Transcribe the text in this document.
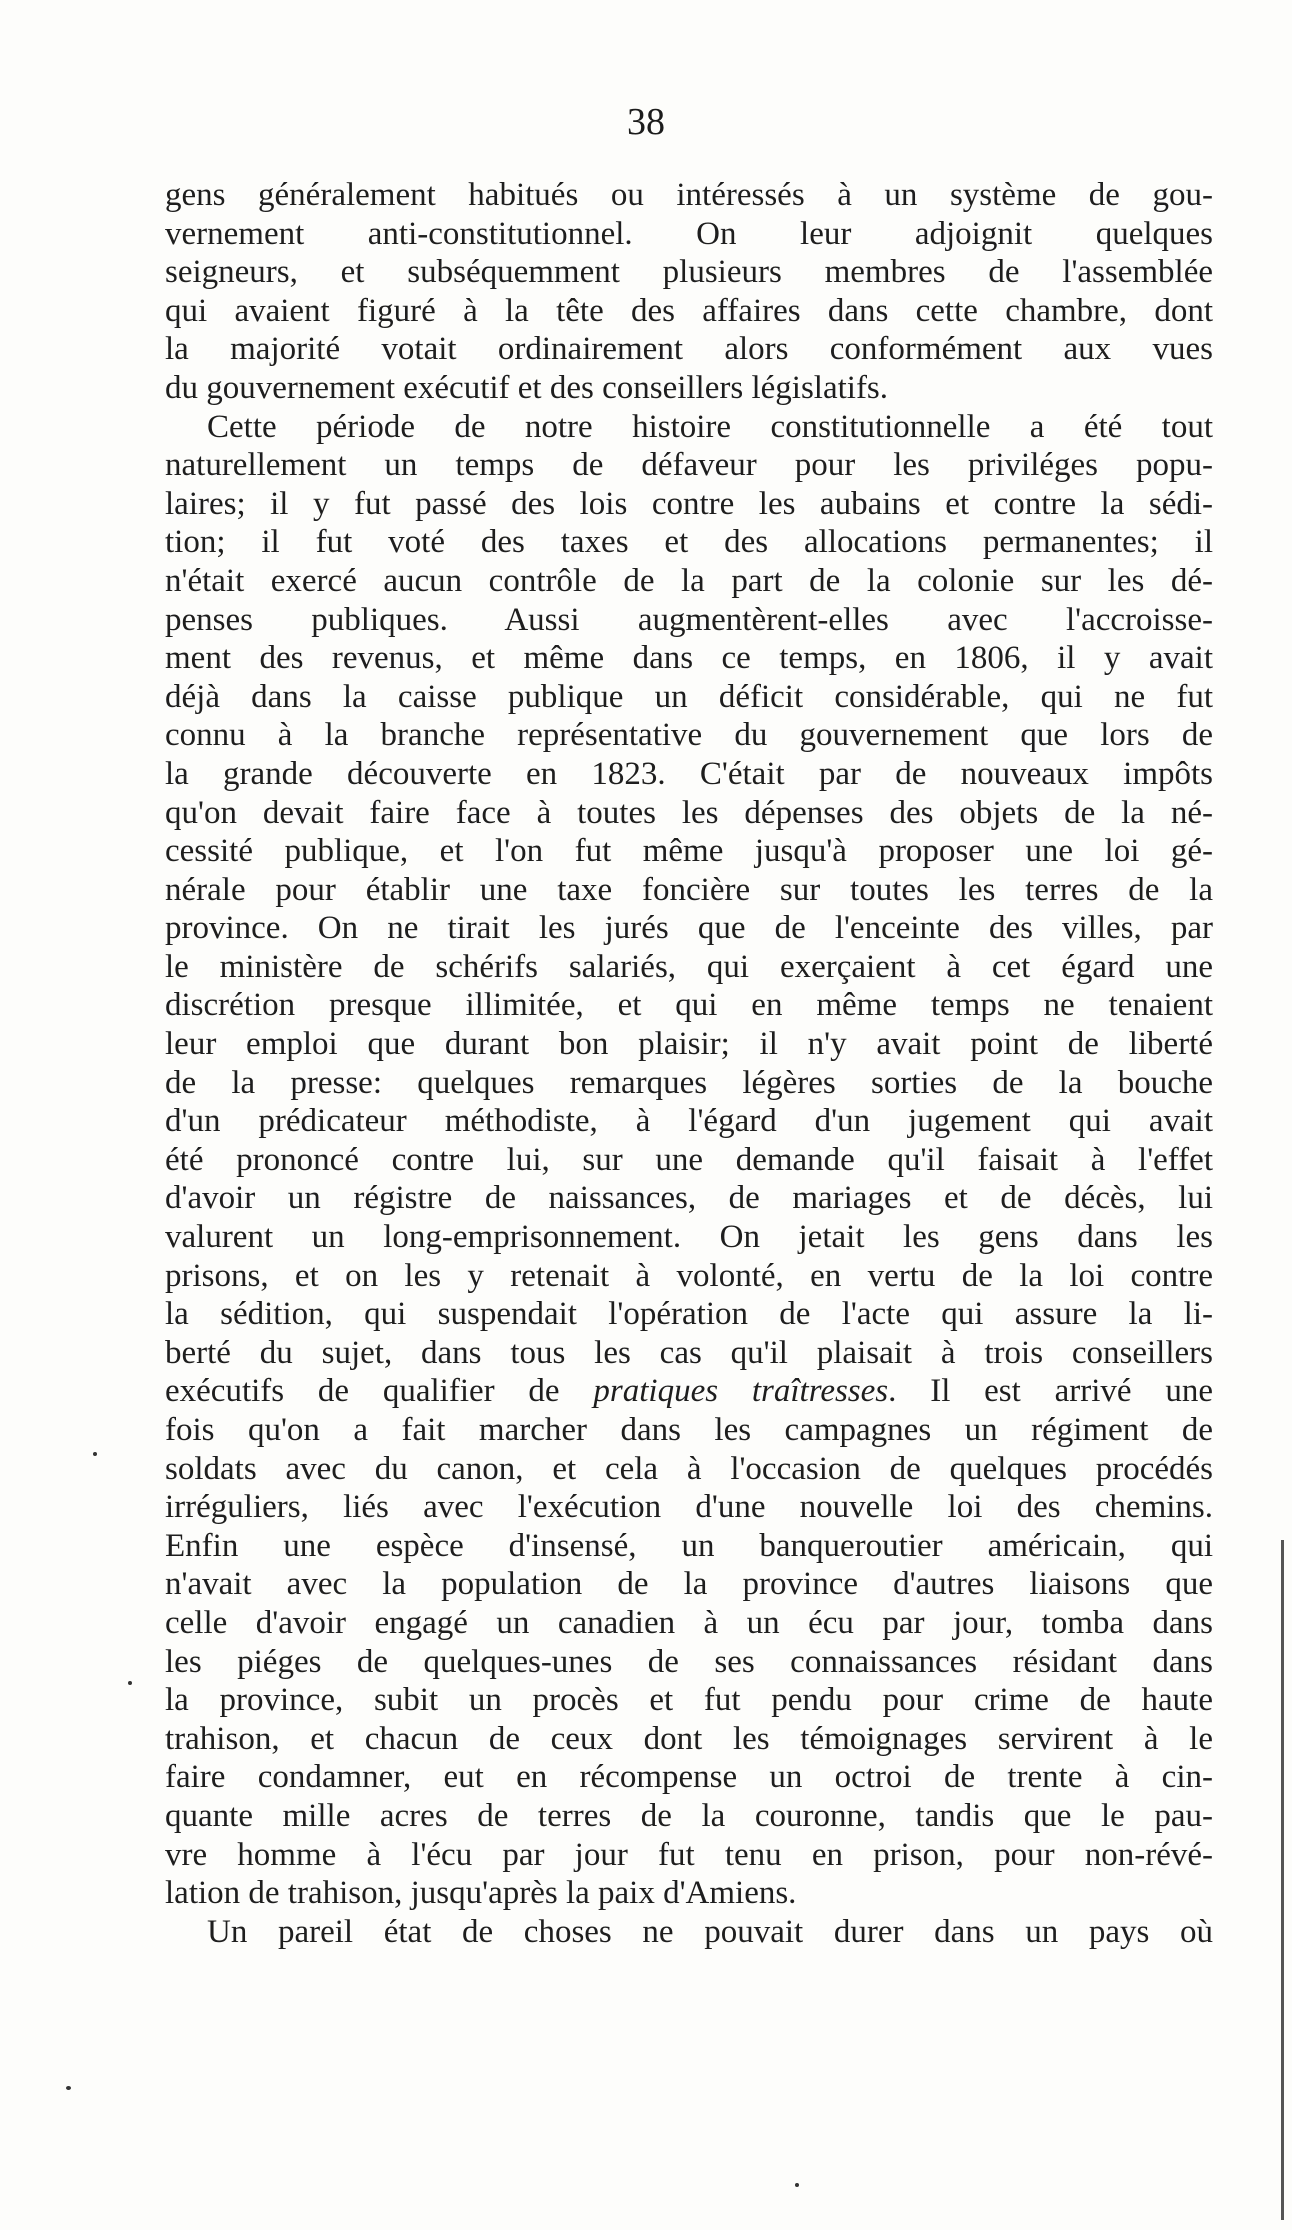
38
gens généralement habitués ou intéressés à un système de gou-
vernement anti-constitutionnel. On leur adjoignit quelques
seigneurs, et subséquemment plusieurs membres de l'assemblée
qui avaient figuré à la tête des affaires dans cette chambre, dont
la majorité votait ordinairement alors conformément aux vues
du gouvernement exécutif et des conseillers législatifs.
Cette période de notre histoire constitutionnelle a été tout
naturellement un temps de défaveur pour les priviléges popu-
laires; il y fut passé des lois contre les aubains et contre la sédi-
tion; il fut voté des taxes et des allocations permanentes; il
n'était exercé aucun contrôle de la part de la colonie sur les dé-
penses publiques. Aussi augmentèrent-elles avec l'accroisse-
ment des revenus, et même dans ce temps, en 1806, il y avait
déjà dans la caisse publique un déficit considérable, qui ne fut
connu à la branche représentative du gouvernement que lors de
la grande découverte en 1823. C'était par de nouveaux impôts
qu'on devait faire face à toutes les dépenses des objets de la né-
cessité publique, et l'on fut même jusqu'à proposer une loi gé-
nérale pour établir une taxe foncière sur toutes les terres de la
province. On ne tirait les jurés que de l'enceinte des villes, par
le ministère de schérifs salariés, qui exerçaient à cet égard une
discrétion presque illimitée, et qui en même temps ne tenaient
leur emploi que durant bon plaisir; il n'y avait point de liberté
de la presse: quelques remarques légères sorties de la bouche
d'un prédicateur méthodiste, à l'égard d'un jugement qui avait
été prononcé contre lui, sur une demande qu'il faisait à l'effet
d'avoir un régistre de naissances, de mariages et de décès, lui
valurent un long-emprisonnement. On jetait les gens dans les
prisons, et on les y retenait à volonté, en vertu de la loi contre
la sédition, qui suspendait l'opération de l'acte qui assure la li-
berté du sujet, dans tous les cas qu'il plaisait à trois conseillers
exécutifs de qualifier de pratiques traîtresses. Il est arrivé une
fois qu'on a fait marcher dans les campagnes un régiment de
soldats avec du canon, et cela à l'occasion de quelques procédés
irréguliers, liés avec l'exécution d'une nouvelle loi des chemins.
Enfin une espèce d'insensé, un banqueroutier américain, qui
n'avait avec la population de la province d'autres liaisons que
celle d'avoir engagé un canadien à un écu par jour, tomba dans
les piéges de quelques-unes de ses connaissances résidant dans
la province, subit un procès et fut pendu pour crime de haute
trahison, et chacun de ceux dont les témoignages servirent à le
faire condamner, eut en récompense un octroi de trente à cin-
quante mille acres de terres de la couronne, tandis que le pau-
vre homme à l'écu par jour fut tenu en prison, pour non-révé-
lation de trahison, jusqu'après la paix d'Amiens.
Un pareil état de choses ne pouvait durer dans un pays où
